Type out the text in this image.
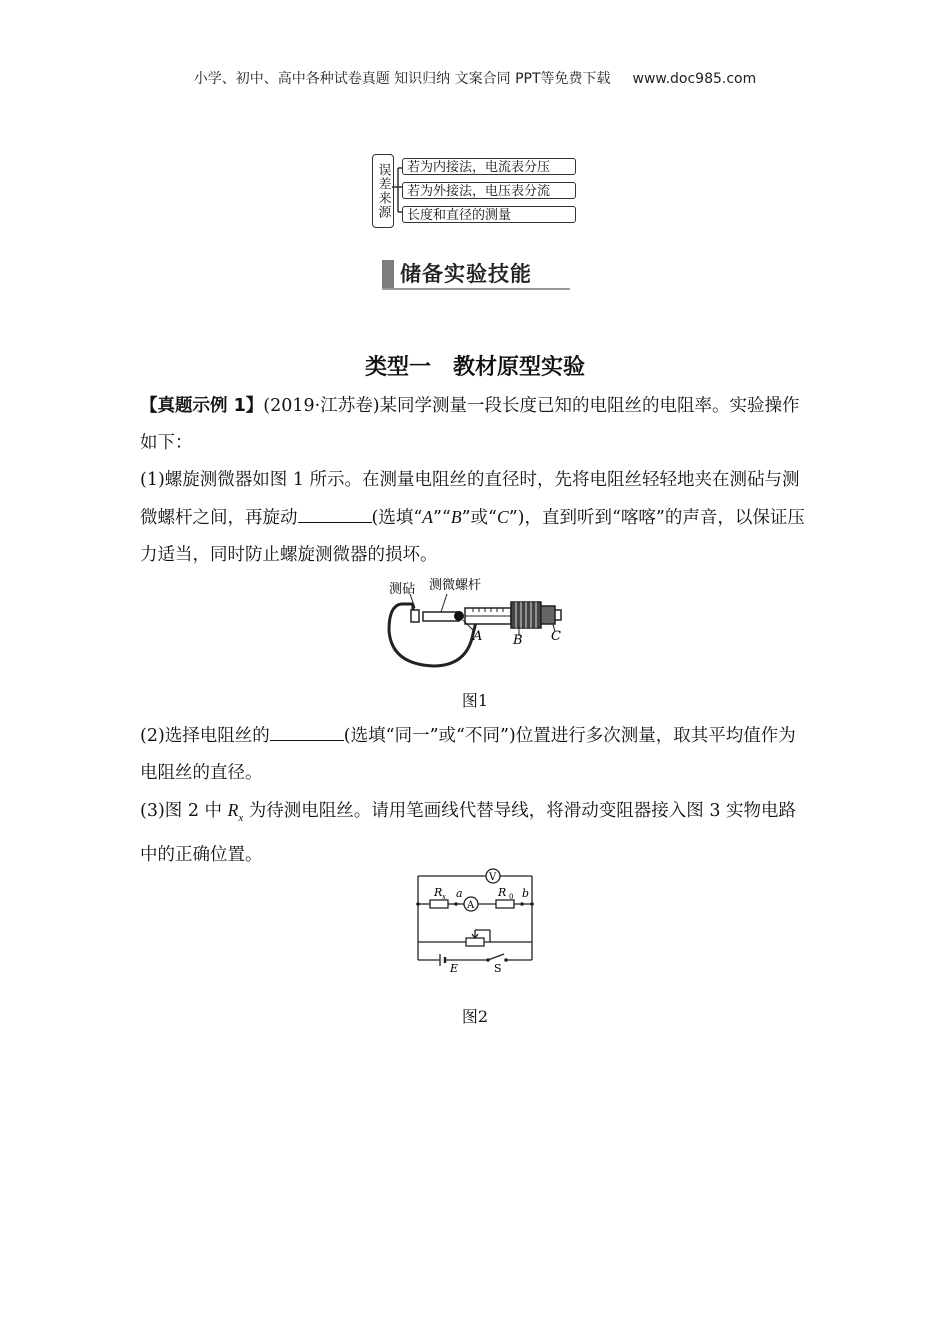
小学、初中、高中各种试卷真题 知识归纳 文案合同 PPT等免费下载 www.doc985.com
误差来源	若为内接法，电流表分压
若为外接法，电压表分流
长度和直径的测量
储备实验技能
类型一　教材原型实验
【真题示例 1】(2019·江苏卷)某同学测量一段长度已知的电阻丝的电阻率。实验操作如下：
(1)螺旋测微器如图 1 所示。在测量电阻丝的直径时，先将电阻丝轻轻地夹在测砧与测微螺杆之间，再旋动	(选填“A”“B”或“C”)，直到听到“喀喀”的声音，以保证压力适当，同时防止螺旋测微器的损坏。
测砧 测微螺杆
A B C
图1
(2)选择电阻丝的	(选填“同一”或“不同”)位置进行多次测量，取其平均值作为电阻丝的直径。
(3)图 2 中 $R_x$ 为待测电阻丝。请用笔画线代替导线，将滑动变阻器接入图 3 实物电路中的正确位置。
V
A
R x	R 0
a	b
E	S
图2
